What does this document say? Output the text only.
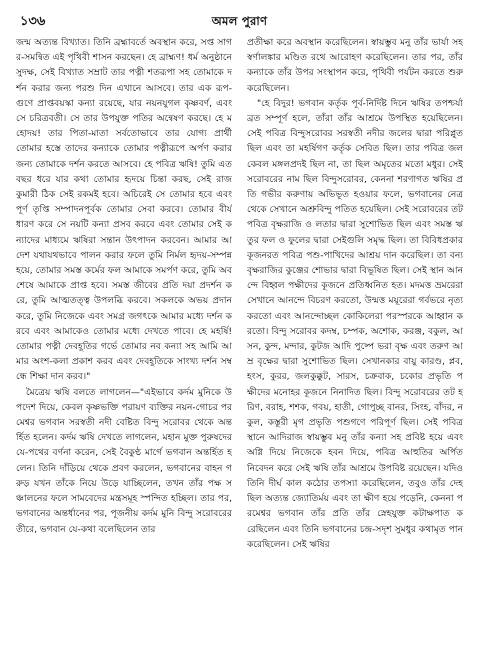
১৩৬	অমল পুরাণ

জন্ম অত্যন্ত বিখ্যাত। তিনি ব্রহ্মাবর্তে অবস্থান করে, সপ্ত সাগর-সমন্বিত এই পৃথিবী শাসন করছেন। হে ব্রাহ্মণ! ধর্ম অনুষ্ঠানে সুদক্ষ, সেই বিখ্যাত সম্রাট তার পত্নী শতরূপা সহ তোমাকে দর্শন করার জন্য পরশু দিন এখানে আসবে। তার এক রূপ-গুণে প্রাপ্তবয়স্কা কন্যা রয়েছে, যার নয়নযুগল কৃষ্ণবর্ণ, এবং সে চরিত্রবতী। সে তার উপযুক্ত পতির অন্বেষণ করছে। হে মহোদয়! তার পিতা-মাতা সর্বতোভাবে তার যোগ্য প্রার্থী তোমার হস্তে তাদের কন্যাকে তোমার পত্নীরূপে অর্পণ করার জন্য তোমাকে দর্শন করতে আসবে। হে পবিত্র ঋষি! তুমি এত বছর ধরে যার কথা তোমার হৃদয়ে চিন্তা করছ, সেই রাজকুমারী ঠিক সেই রকমই হবে। অচিরেই সে তোমার হবে এবং পূর্ণ তৃপ্তি সম্পাদনপূর্বক তোমার সেবা করবে। তোমার বীর্য ধারণ করে সে নয়টি কন্যা প্রসব করবে এবং তোমার সেই কন্যাদের মাধ্যমে ঋষিরা সন্তান উৎপাদন করবেন। আমার আদেশ যথাযথভাবে পালন করার ফলে তুমি নির্মল হৃদয়-সম্পন্ন হয়ে, তোমার সমস্ত কর্মের ফল আমাকে সমর্পণ করে, তুমি অবশেষে আমাকে প্রাপ্ত হবে। সমস্ত জীবের প্রতি দয়া প্রদর্শন করে, তুমি আত্মতত্ত্ব উপলব্ধি করবে। সকলকে অভয় প্রদান করে, তুমি নিজেকে এবং সমগ্র জগৎকে আমার মধ্যে দর্শন করবে এবং আমাকেও তোমার মধ্যে দেখতে পাবে। হে মহর্ষি! তোমার পত্নী দেবহূতির গর্ভে তোমার নব কন্যা সহ আমি আমার অংশ-কলা প্রকাশ করব এবং দেবহূতিকে সাংখ্য দর্শন সম্বন্ধে শিক্ষা দান করব।"

মৈত্রেয় ঋষি বলতে লাগলেন—"এইভাবে কর্দম মুনিকে উপদেশ দিয়ে, কেবল কৃষ্ণভক্তি পরায়ণ ব্যক্তির নয়ন-গোচর পরমেশ্বর ভগবান সরস্বতী নদী বেষ্টিত বিন্দু সরোবর থেকে অন্তর্হিত হলেন। কর্দম ঋষি দেখতে লাগলেন, মহান মুক্ত পুরুষদের যে-পথের বর্ণনা করেন, সেই বৈকুণ্ঠ মার্গে ভগবান অন্তর্হিত হলেন। তিনি দাঁড়িয়ে থেকে প্রবণ করলেন, ভগবানের বাহন গরুড় যখন তাঁকে নিয়ে উড়ে যাচ্ছিলেন, তখন তাঁর পক্ষ সঞ্চালনের ফলে সামবেদের মন্ত্রসমূহ স্পন্দিত হচ্ছিল। তার পর, ভগবানের অন্তর্ধানের পর, পূজনীয় কর্দম মুনি বিন্দু সরোবরের তীরে, ভগবান যে-কথা বলেছিলেন তার

প্রতীক্ষা করে অবস্থান করেছিলেন। স্বায়ম্ভুব মনু তাঁর ভার্যা সহ স্বর্ণালঙ্কার মণ্ডিত রথে আরোহণ করেছিলেন। তার পর, তাঁর কন্যাকে তাঁর উপর সংস্থাপন করে, পৃথিবী পর্যটন করতে শুরু করেছিলেন।

"হে বিদুর! ভগবান কর্তৃক পূর্ব-নির্দিষ্ট দিনে ঋষির তপশ্চর্যা ব্রত সম্পূর্ণ হলে, তাঁরা তাঁর আশ্রমে উপস্থিত হয়েছিলেন। সেই পবিত্র বিন্দুসরোবর সরস্বতী নদীর জলের দ্বারা পরিপ্লুত ছিল এবং তা মহর্ষিগণ কর্তৃক সেবিত ছিল। তার পবিত্র জল কেবল মঙ্গলপ্রদই ছিল না, তা ছিল অমৃতের মতো মধুর। সেই সরোবরের নাম ছিল বিন্দুসরোবর, কেননা শরণাগত ঋষির প্রতি গভীর করুণায় অভিভূত হওয়ার ফলে, ভগবানের নেত্র থেকে সেখানে অশ্রুবিন্দু পতিত হয়েছিল। সেই সরোবরের তট পবিত্র বৃক্ষরাজি ও লতার দ্বারা সুশোভিত ছিল এবং সমস্ত ঋতুর ফল ও ফুলের দ্বারা সেইগুলি সমৃদ্ধ ছিল। তা বিবিধপ্রকার কূজনরত পবিত্র পশু-পাখিদের আশ্রয় দান করেছিল। তা বন্য বৃক্ষরাজির কুঞ্জের শোভার দ্বারা বিভূষিত ছিল। সেই স্থান আনন্দে বিহ্বল পক্ষীদের কূজনে প্রতিধ্বনিত হত। মদমত্ত ভ্রমরেরা সেখানে আনন্দে বিচরণ করতো, উন্মত্ত ময়ূরেরা গর্বভরে নৃত্য করতো এবং আনন্দোচ্ছল কোকিলেরা পরস্পরকে আহ্বান করতো। বিন্দু সরোবর কদম্ব, চম্পক, অশোক, করঞ্জ, বকুল, আসন, কুন্দ, মন্দার, কুটজ আদি পুষ্পে ভরা বৃক্ষ এবং তরুণ আম্র বৃক্ষের দ্বারা সুশোভিত ছিল। সেখানকার বায়ু কারণ্ড, প্লব, হংস, কুরর, জলকুক্কুট, সারস, চক্রবাক, চকোর প্রভৃতি পক্ষীদের মনোহর কূজনে নিনাদিত ছিল। বিন্দু সরোবরের তট হরিণ, বরাহ, শশক, গবয়, হাতী, গোপুচ্ছ বানর, সিংহ, বাঁদর, নকুল, কস্তূরী মৃগ প্রভৃতি পশুগণে পরিপূর্ণ ছিল। সেই পবিত্র স্থানে আদিরাজ স্বায়ম্ভুব মনু তাঁর কন্যা সহ প্রবিষ্ট হয়ে এবং অগ্নি দিয়ে নিজেকে হবন দিয়ে, পবিত্র আহুতির অর্পিত নিবেদন করে সেই ঋষি তাঁর আশ্রমে উপবিষ্ট রয়েছেন। যদিও তিনি দীর্ঘ কাল কঠোর তপস্যা করেছিলেন, তবুও তাঁর দেহ ছিল অত্যন্ত জ্যোতির্ময় এবং তা ক্ষীণ হয়ে পড়েনি, কেননা পরমেশ্বর ভগবান তাঁর প্রতি তাঁর স্নেহযুক্ত কটাক্ষপাত করেছিলেন এবং তিনি ভগবানের চন্দ্র-সদৃশ সুমধুর কথামৃত পান করেছিলেন। সেই ঋষির
